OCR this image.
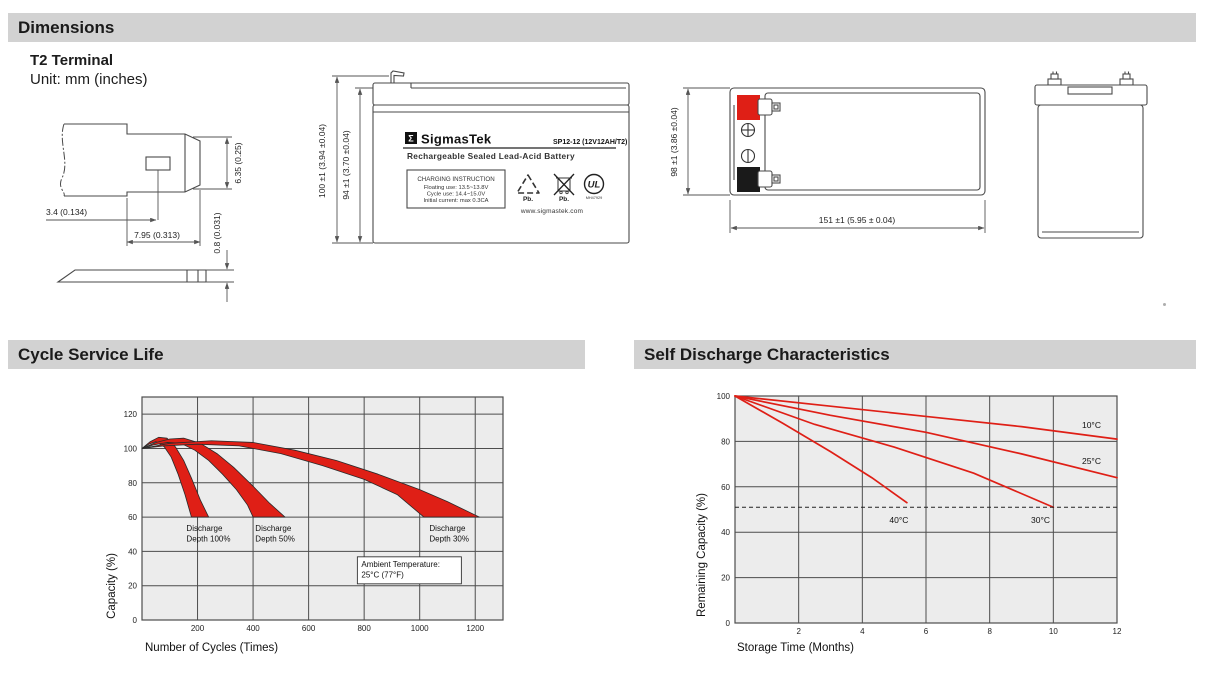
Dimensions
T2 Terminal
Unit: mm (inches)
3.4 (0.134)
7.95 (0.313)
6.35 (0.25)
0.8 (0.031)
100 ±1 (3.94 ±0.04) 94 ±1 (3.70 ±0.04)	Σ SigmasTek	SP12-12 (12V12AH/T2)
Rechargeable Sealed Lead-Acid Battery
CHARGING INSTRUCTION
Floating use: 13.5~13.8V
Cycle use: 14.4~15.0V
Initial current: max 0.3CA	Pb.	Pb.
UL
MH47929
www.sigmastek.com
98 ±1 (3.86 ±0.04)
151 ±1 (5.95 ± 0.04)
Cycle Service Life	Self Discharge Characteristics
200	400	600	800	1000	1200
0
20
40
60
80
100
120
Discharge
Depth 100%
Discharge
Depth 50%
Discharge
Depth 30%
Ambient Temperature:
25°C (77°F)
Number of Cycles (Times)
Capacity (%)
2	4	6	8	10	12
0
20
40
60
80
100
10°C
25°C
30°C
40°C
Storage Time (Months)
Remaining Capacity (%)
